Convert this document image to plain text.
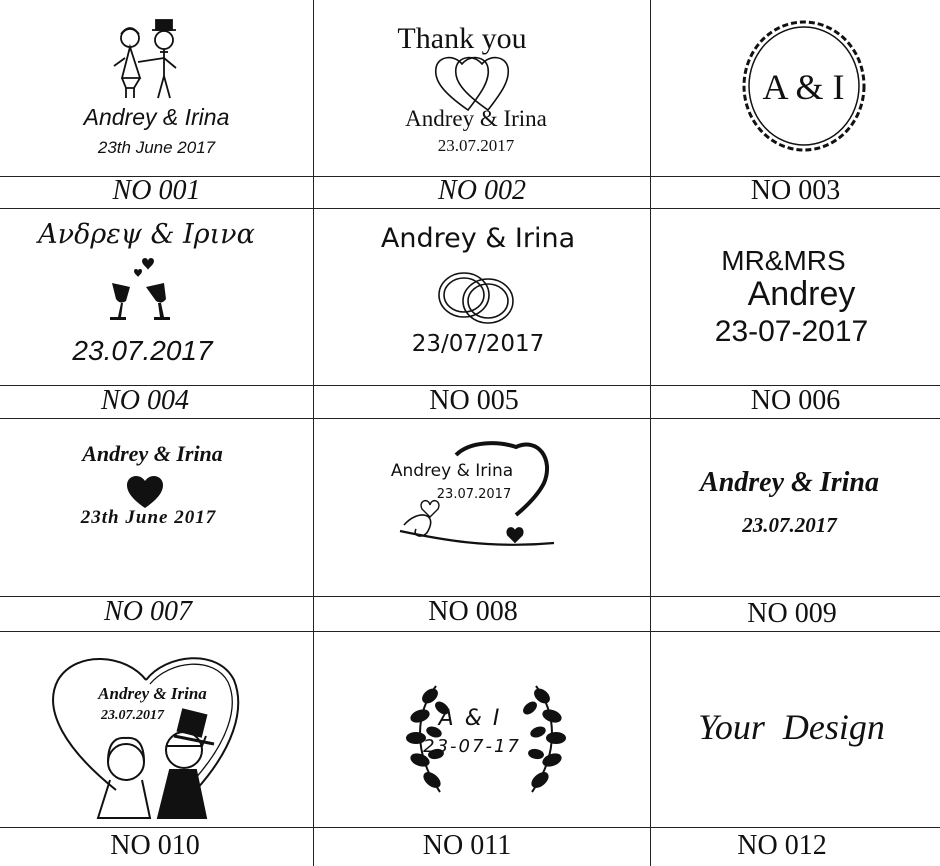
Andrey & Irina
23th June 2017
NO 001
Thank you
Andrey & Irina
23.07.2017
NO 002
A & I
NO 003
Ανδρεψ & Ιρινα
23.07.2017
NO 004
Andrey & Irina
23/07/2017
NO 005
MR&MRS
Andrey
23-07-2017
NO 006
Andrey & Irina
23th June 2017
NO 007
Andrey & Irina
23.07.2017
NO 008
Andrey & Irina
23.07.2017
NO 009
Andrey & Irina
23.07.2017
NO 010
A & I
23-07-17
NO 011
Your  Design
NO 012
